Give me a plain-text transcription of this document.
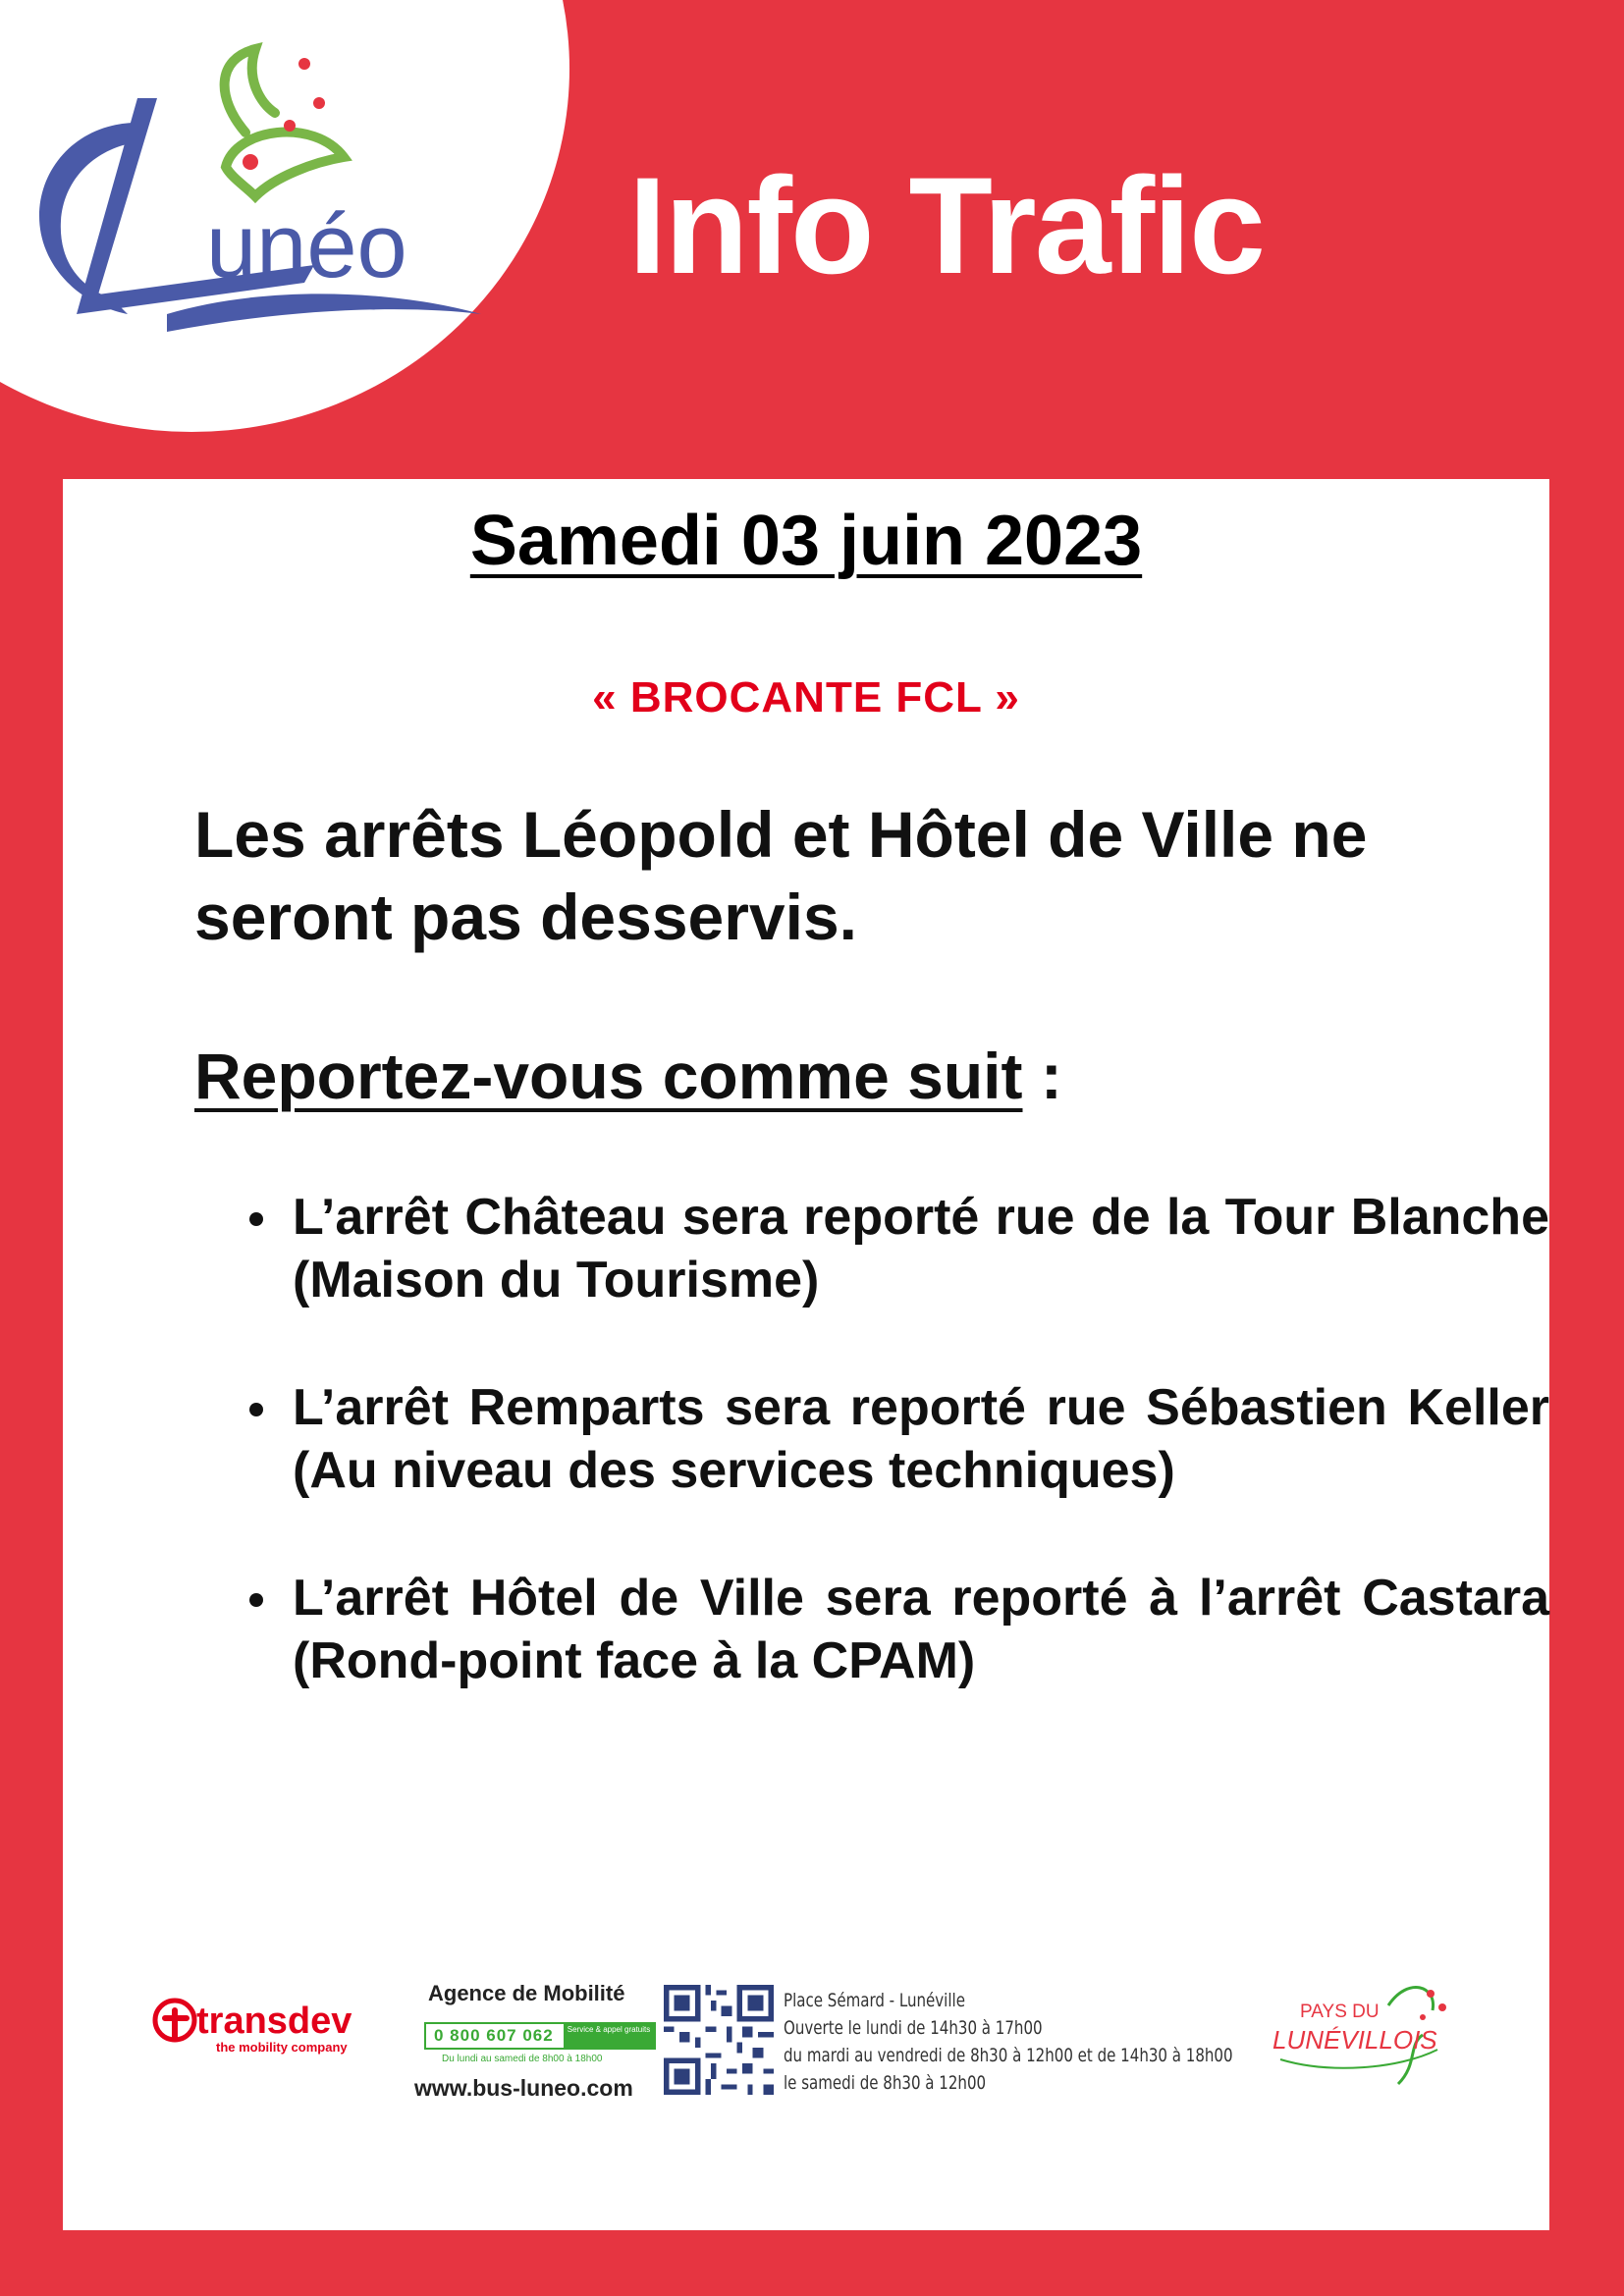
unéo Info Trafic
Samedi 03 juin 2023
« BROCANTE FCL »
Les arrêts Léopold et Hôtel de Ville ne seront pas desservis.
Reportez-vous comme suit :
L’arrêt Château sera reporté rue de la Tour Blanche (Maison du Tourisme)
L’arrêt Remparts sera reporté rue Sébastien Keller (Au niveau des services techniques)
L’arrêt Hôtel de Ville sera reporté à l’arrêt Castara (Rond-point face à la CPAM)
transdev
the mobility company
Agence de Mobilité
0 800 607 062	Service & appel gratuits
Du lundi au samedi de 8h00 à 18h00
www.bus-luneo.com
Place Sémard - Lunéville
Ouverte le lundi de 14h30 à 17h00
du mardi au vendredi de 8h30 à 12h00 et de 14h30 à 18h00
le samedi de 8h30 à 12h00
PAYS DU
LUNÉVILLOIS
